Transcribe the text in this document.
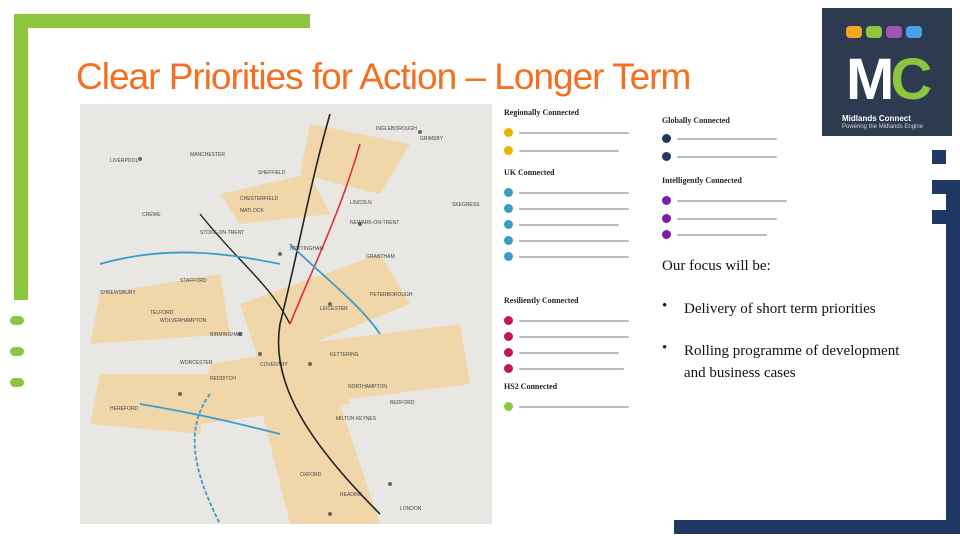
Clear Priorities for Action – Longer Term	MC
Midlands Connect
Powering the Midlands Engine
INGLEBOROUGH
SHEFFIELD
LIVERPOOL
MANCHESTER
CHESTERFIELD
MATLOCK
CREWE
STOKE-ON-TRENT
STAFFORD
SHREWSBURY
TELFORD
WOLVERHAMPTON
BIRMINGHAM
LEICESTER
NOTTINGHAM
LINCOLN
NEWARK-ON-TRENT
GRANTHAM
PETERBOROUGH
COVENTRY
KETTERING
NORTHAMPTON
REDDITCH
HEREFORD
WORCESTER
BEDFORD
MILTON KEYNES
OXFORD
READING
LONDON
SKEGNESS
GRIMSBY
Regionally Connected
UK Connected
Resiliently Connected
HS2 Connected
Globally Connected
Intelligently Connected
Our focus will be:
• Delivery of short term priorities
• Rolling programme of development and business cases
